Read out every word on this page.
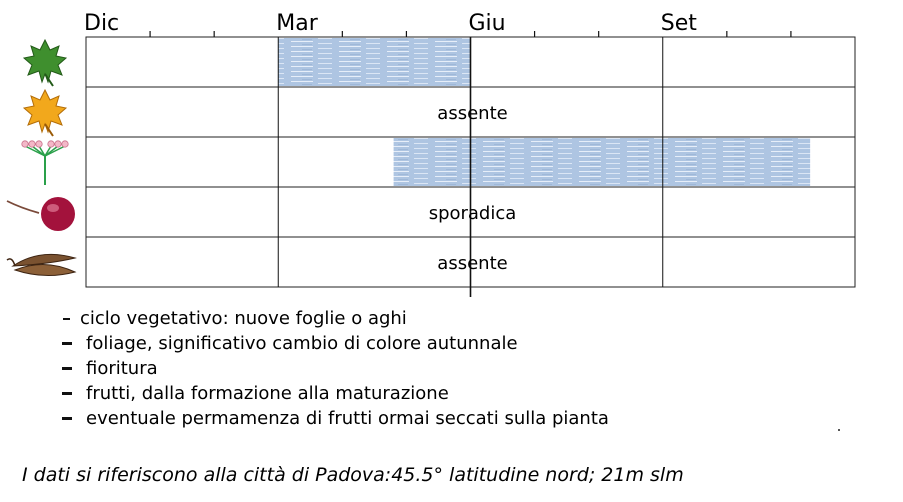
Dic	Mar	Giu	Set
assente
sporadica
assente
ciclo vegetativo: nuove foglie o aghi
foliage, significativo cambio di colore autunnale
fioritura
frutti, dalla formazione alla maturazione
eventuale permamenza di frutti ormai seccati sulla pianta
I dati si riferiscono alla città di Padova:45.5° latitudine nord; 21m slm
